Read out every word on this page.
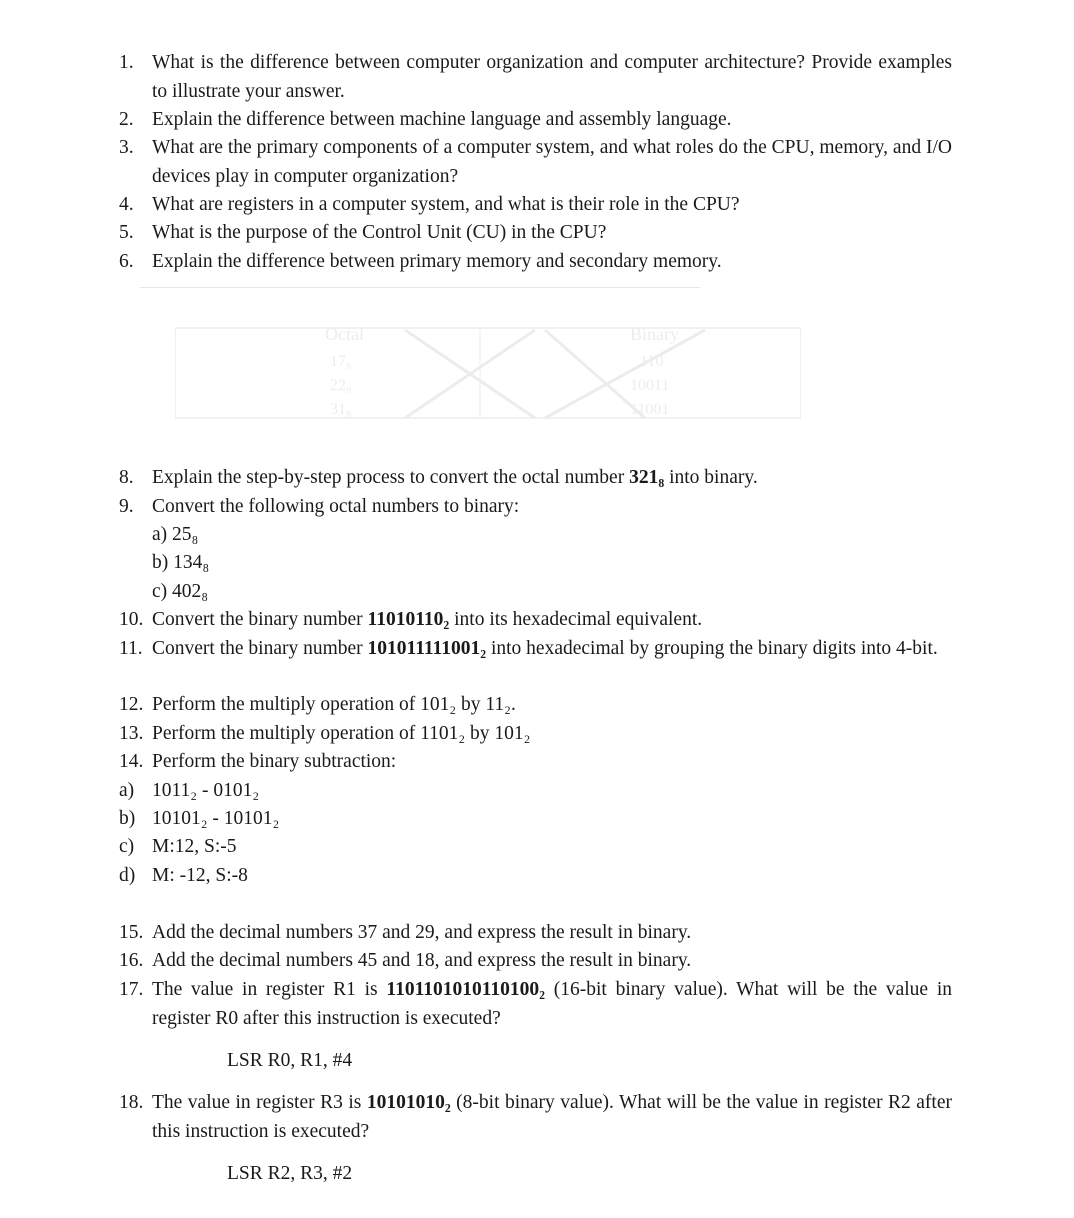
Octal
17₈
22₈
31₈
Binary
110
10011
11001
1. What is the difference between computer organization and computer architecture? Provide examples to illustrate your answer.
2. Explain the difference between machine language and assembly language.
3. What are the primary components of a computer system, and what roles do the CPU, memory, and I/O devices play in computer organization?
4. What are registers in a computer system, and what is their role in the CPU?
5. What is the purpose of the Control Unit (CU) in the CPU?
6. Explain the difference between primary memory and secondary memory.
8. Explain the step-by-step process to convert the octal number 321₈ into binary.
9. Convert the following octal numbers to binary:
a) 25₈
b) 134₈
c) 402₈
10. Convert the binary number 11010110₂ into its hexadecimal equivalent.
11. Convert the binary number 101011111001₂ into hexadecimal by grouping the binary digits into 4-bit.
12. Perform the multiply operation of 101₂ by 11₂.
13. Perform the multiply operation of 1101₂ by 101₂
14. Perform the binary subtraction:
a) 1011₂ - 0101₂
b) 10101₂ - 10101₂
c) M:12, S:-5
d) M: -12, S:-8
15. Add the decimal numbers 37 and 29, and express the result in binary.
16. Add the decimal numbers 45 and 18, and express the result in binary.
17. The value in register R1 is 1101101010110100₂ (16-bit binary value). What will be the value in register R0 after this instruction is executed?
LSR R0, R1, #4
18. The value in register R3 is 10101010₂ (8-bit binary value). What will be the value in register R2 after this instruction is executed?
LSR R2, R3, #2
